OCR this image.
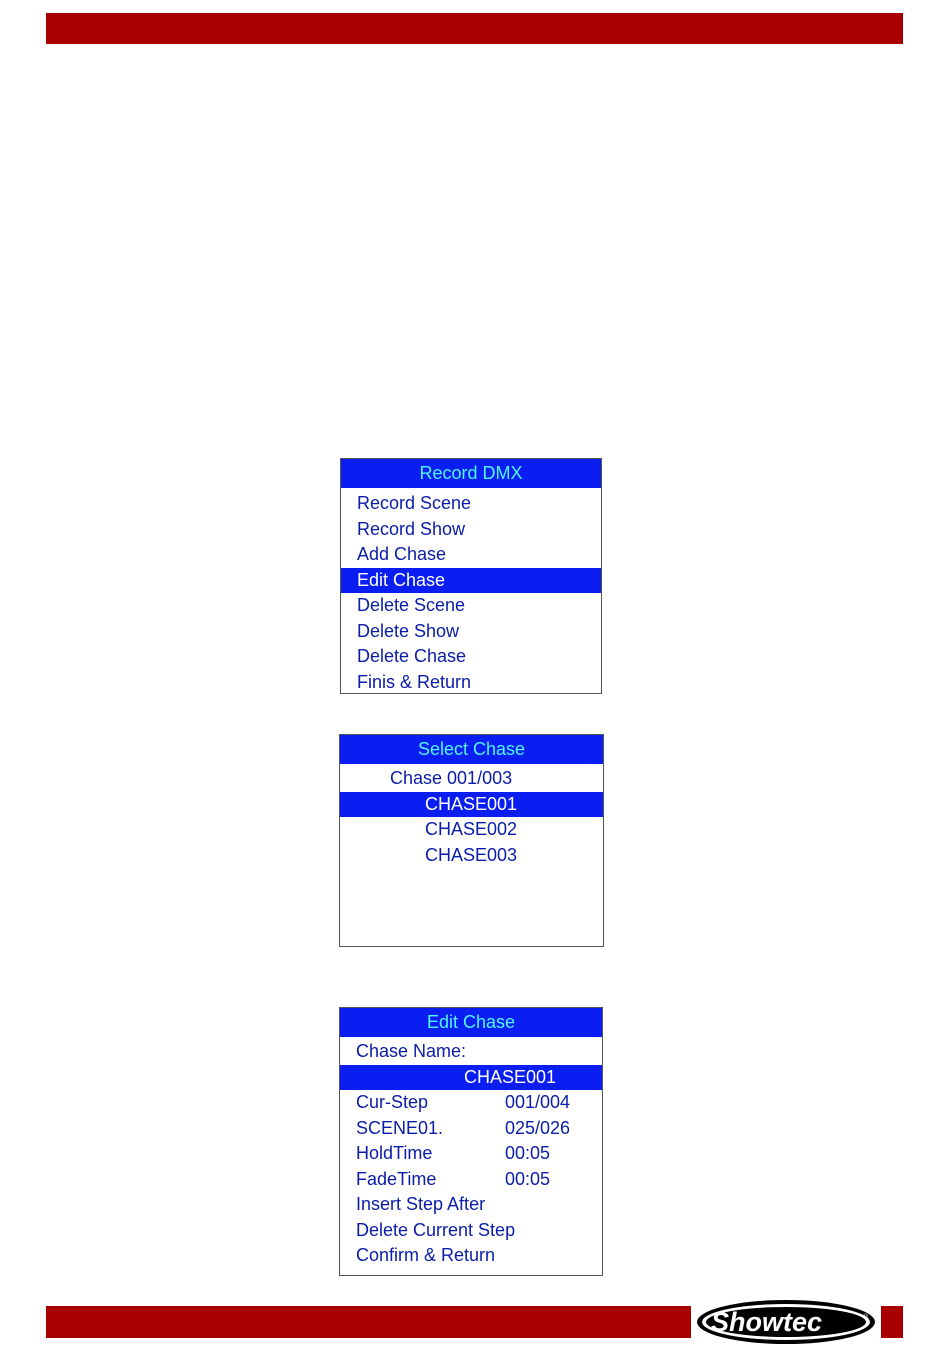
Record DMX
Record Scene
Record Show
Add Chase
Edit Chase
Delete Scene
Delete Show
Delete Chase
Finis & Return
Select Chase
Chase 001/003
CHASE001
CHASE002
CHASE003
Edit Chase
Chase Name:
CHASE001
Cur-Step	001/004
SCENE01.	025/026
HoldTime	00:05
FadeTime	00:05
Insert Step After
Delete Current Step
Confirm & Return
Showtec	®
